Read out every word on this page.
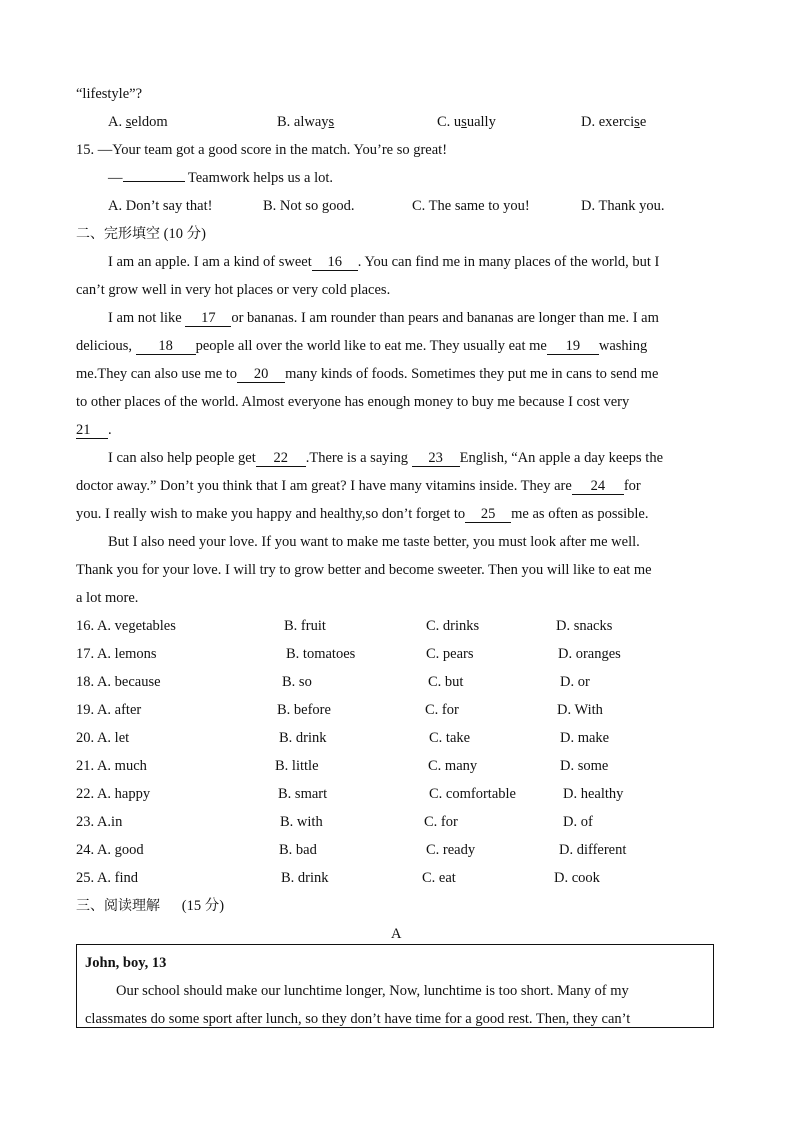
“lifestyle”?
A. seldom	B. always	C. usually	D. exercise
15. —Your team got a good score in the match. You’re so great!
—	Teamwork helps us a lot.
A. Don’t say that!	B. Not so good.	C. The same to you!	D. Thank you.
二、完形填空 (10 分)
I am an apple. I am a kind of sweet 16 . You can find me in many places of the world, but I
can’t grow well in very hot places or very cold places.
I am not like 17 or bananas. I am rounder than pears and bananas are longer than me. I am
delicious, 18 people all over the world like to eat me. They usually eat me 19 washing
me.They can also use me to 20 many kinds of foods. Sometimes they put me in cans to send me
to other places of the world. Almost everyone has enough money to buy me because I cost very
21 .
I can also help people get 22 .There is a saying 23 English, “An apple a day keeps the
doctor away.” Don’t you think that I am great? I have many vitamins inside. They are 24 for
you. I really wish to make you happy and healthy,so don’t forget to 25 me as often as possible.
But I also need your love. If you want to make me taste better, you must look after me well.
Thank you for your love. I will try to grow better and become sweeter. Then you will like to eat me
a lot more.
16. A. vegetables	B. fruit	C. drinks	D. snacks
17. A. lemons	B. tomatoes	C. pears	D. oranges
18. A. because	B. so	C. but	D. or
19. A. after	B. before	C. for	D. With
20. A. let	B. drink	C. take	D. make
21. A. much	B. little	C. many	D. some
22. A. happy	B. smart	C. comfortable	D. healthy
23. A.in	B. with	C. for	D. of
24. A. good	B. bad	C. ready	D. different
25. A. find	B. drink	C. eat	D. cook
三、阅读理解 (15 分)
A
John, boy, 13
Our school should make our lunchtime longer, Now, lunchtime is too short. Many of my
classmates do some sport after lunch, so they don’t have time for a good rest. Then, they can’t
